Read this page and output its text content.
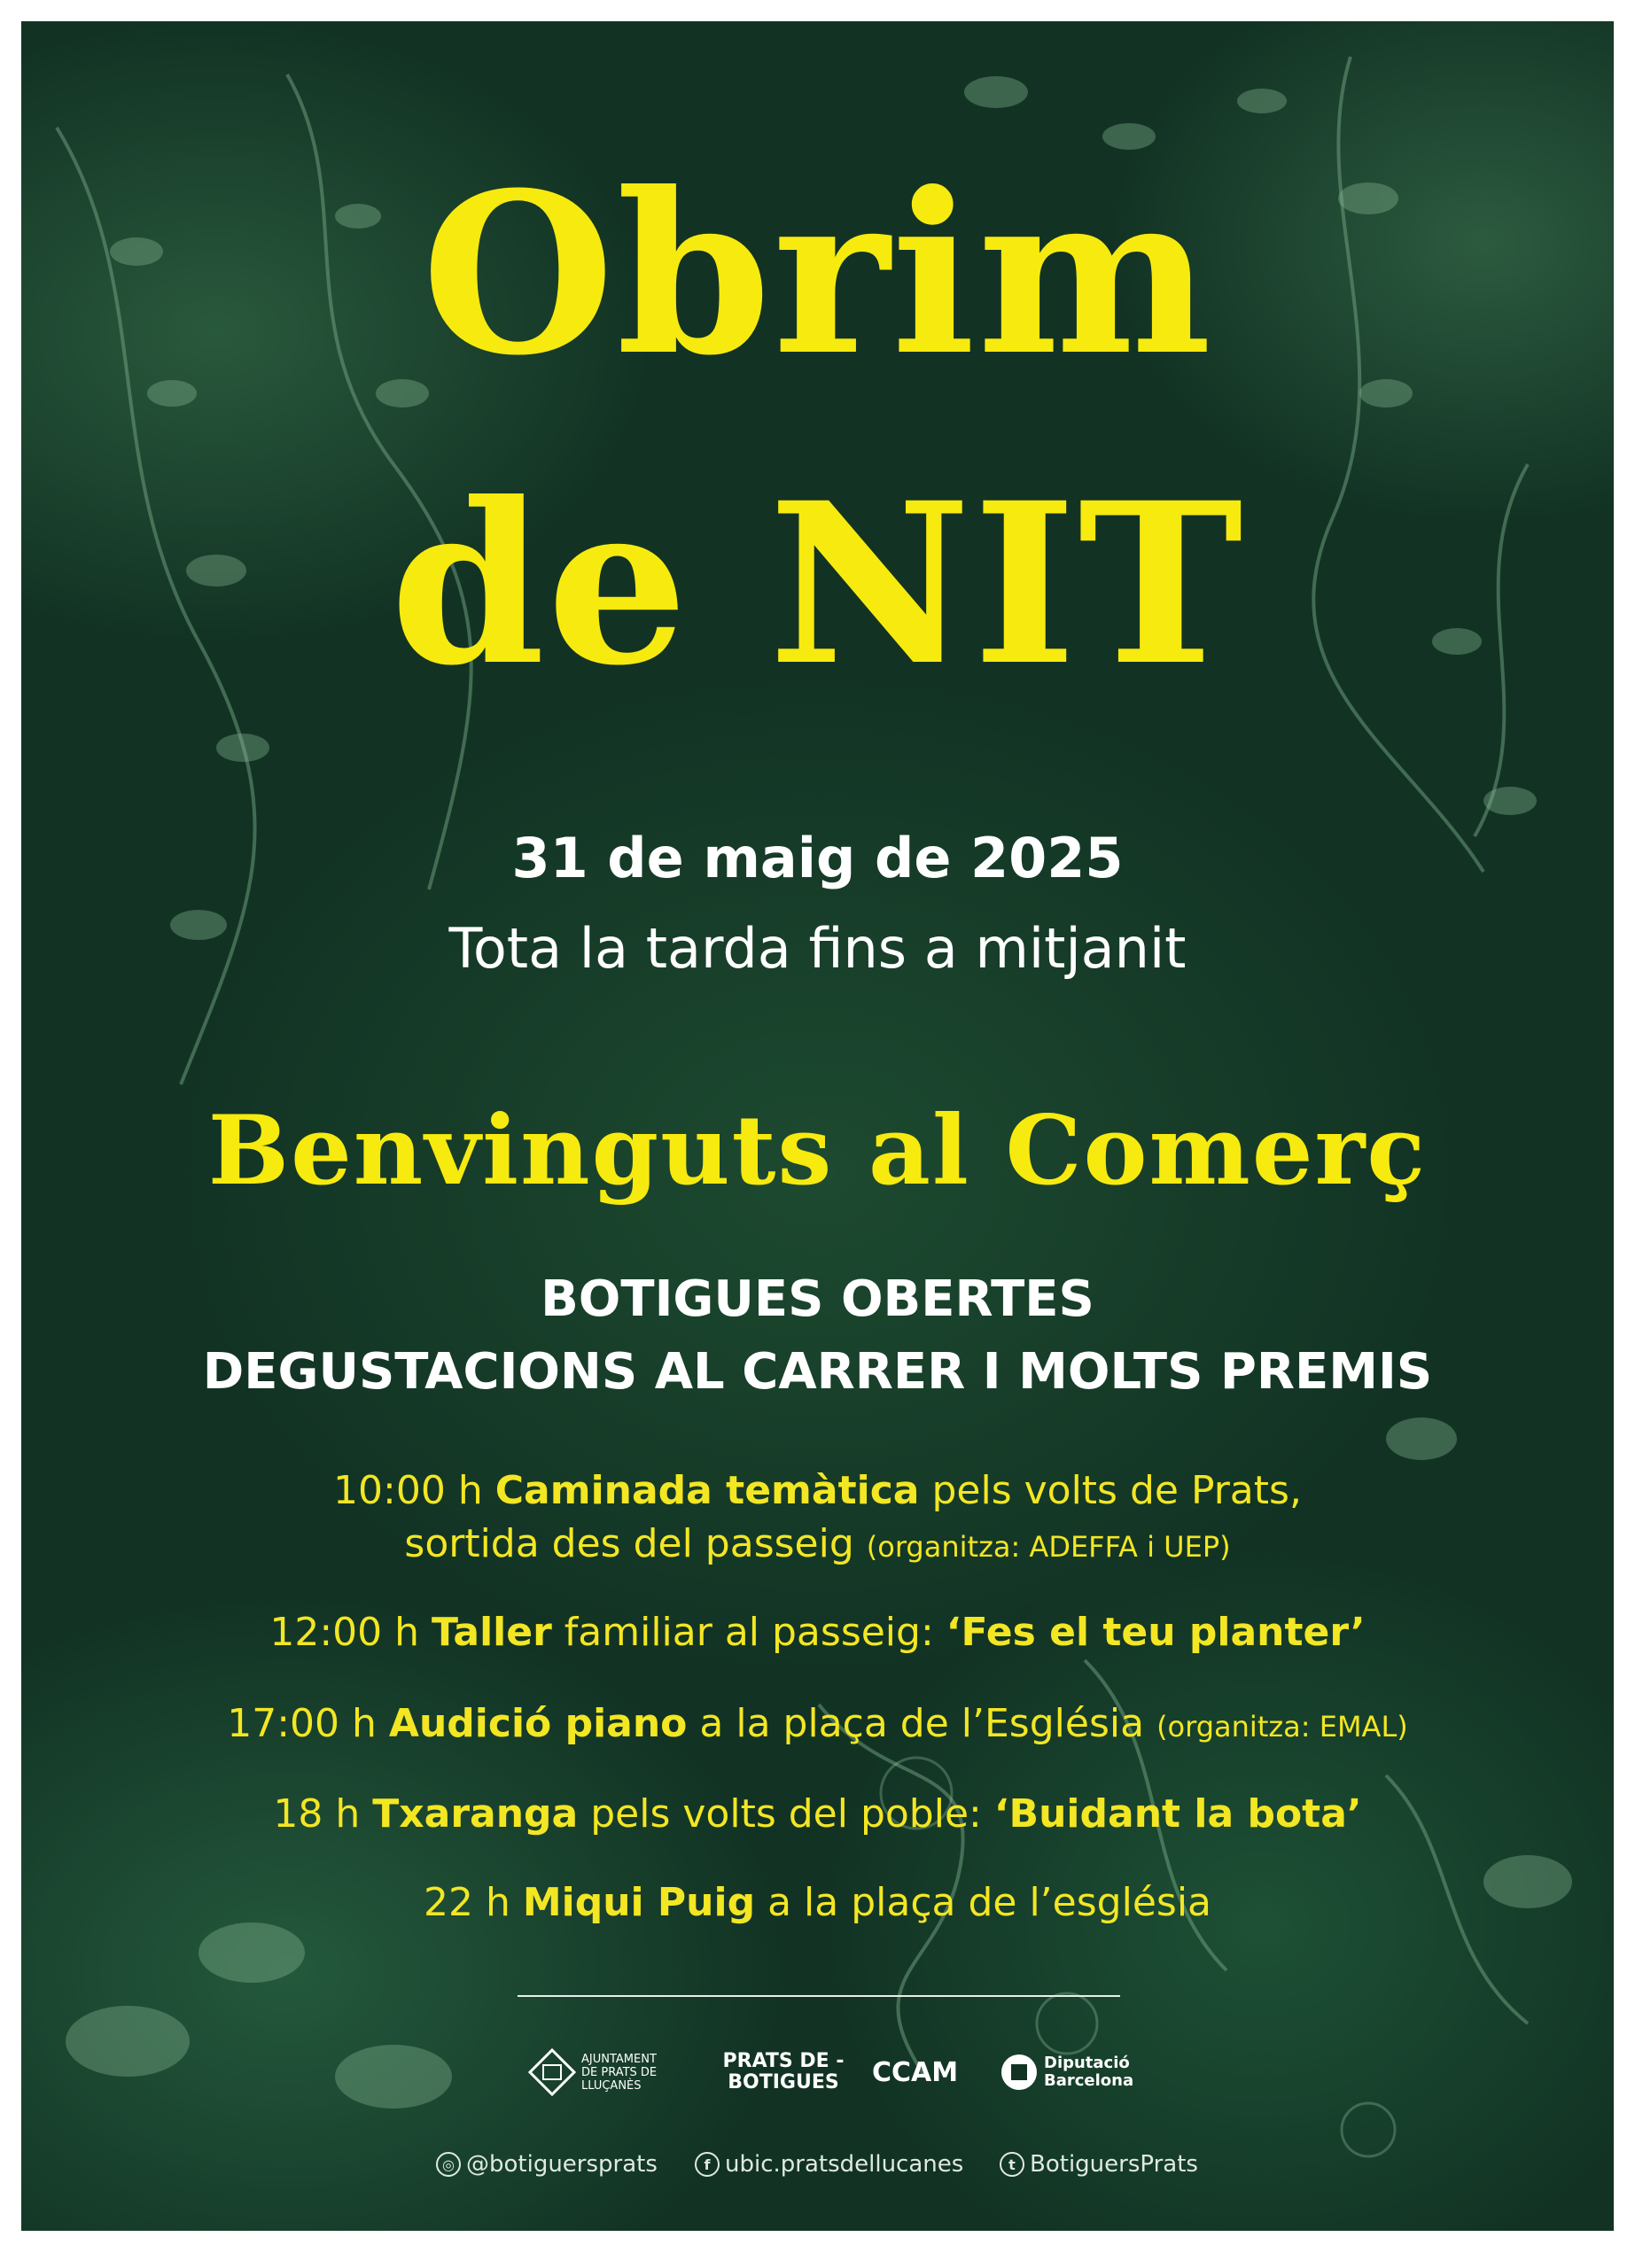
Obrim
de NIT
31 de maig de 2025
Tota la tarda fins a mitjanit
Benvinguts al Comerç
BOTIGUES OBERTES
DEGUSTACIONS AL CARRER I MOLTS PREMIS
10:00 h Caminada temàtica pels volts de Prats,
sortida des del passeig (organitza: ADEFFA i UEP)
12:00 h Taller familiar al passeig: ‘Fes el teu planter’
17:00 h Audició piano a la plaça de l’Església (organitza: EMAL)
18 h Txaranga pels volts del poble: ‘Buidant la bota’
22 h Miqui Puig a la plaça de l’església
AJUNTAMENT DE PRATS DE LLUÇANÈS
PRATS DE - BOTIGUES CCAM	Diputació Barcelona
◎ @botiguersprats	f ubic.pratsdellucanes	t BotiguersPrats
